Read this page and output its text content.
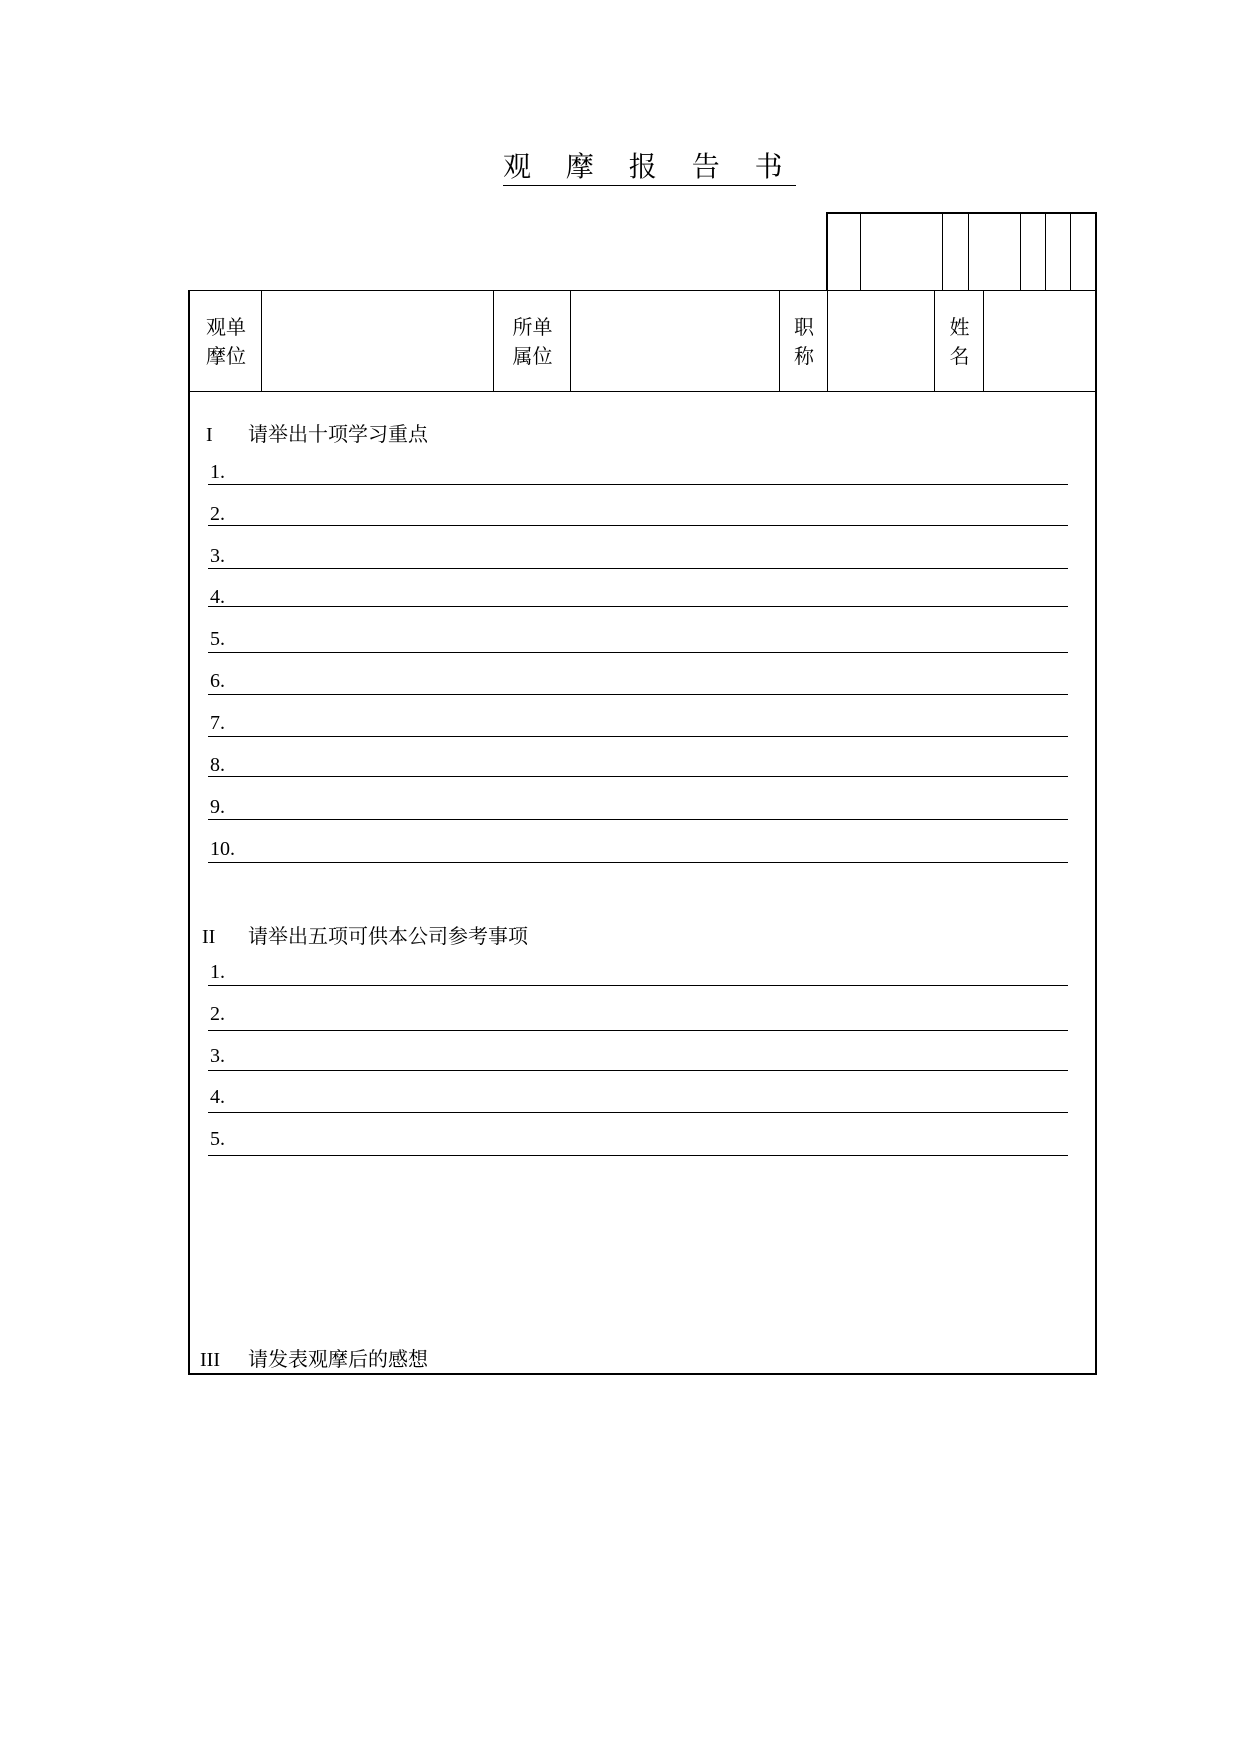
观 摩 报 告 书
观单
摩位
所单
属位
职
称
姓
名
I 请举出十项学习重点
1.
2.
3.
4.
5.
6.
7.
8.
9.
10.
II 请举出五项可供本公司参考事项
1.
2.
3.
4.
5.
III 请发表观摩后的感想
